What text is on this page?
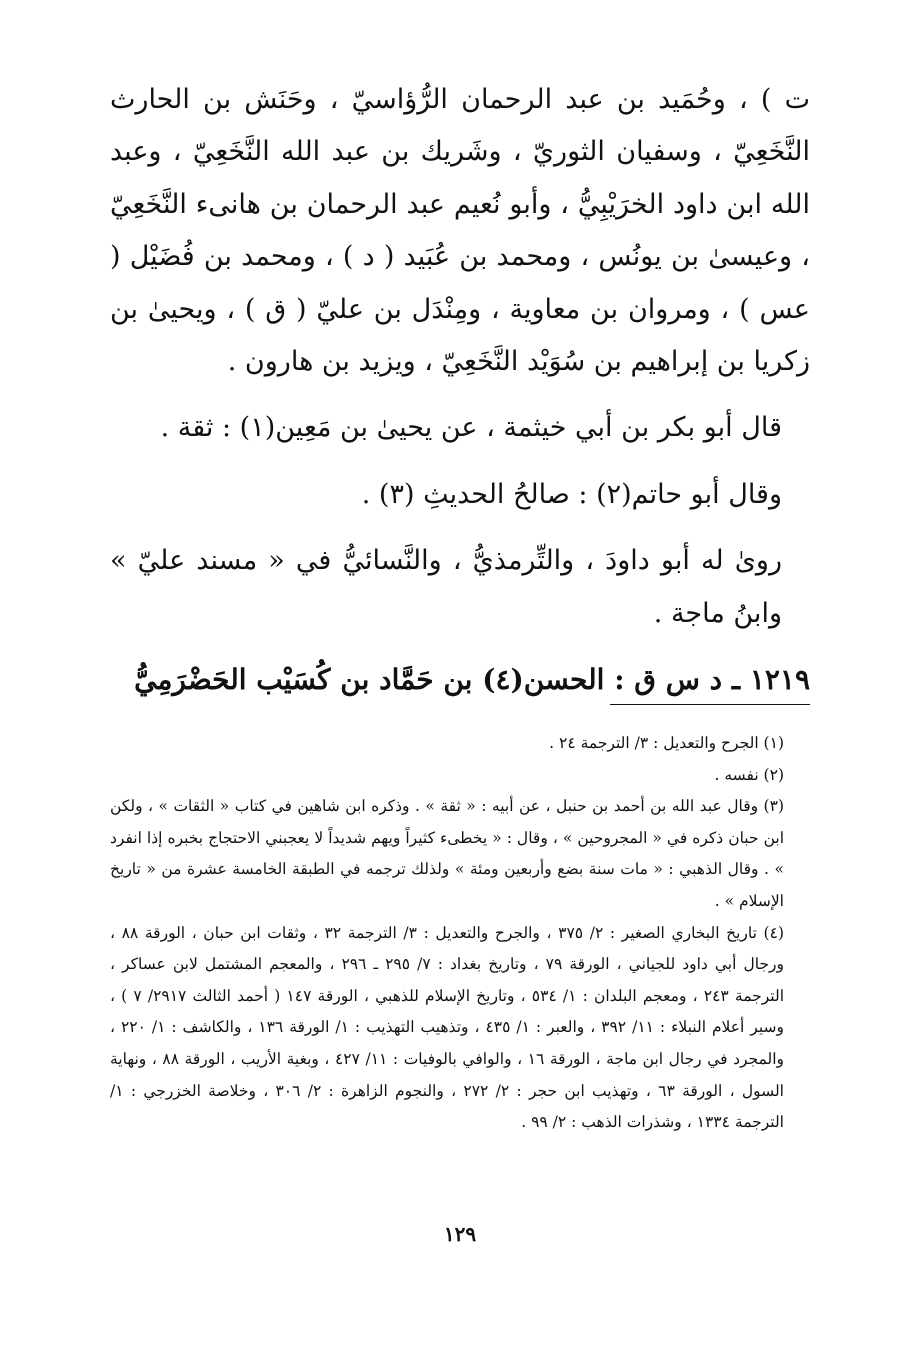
ت ) ، وحُمَيد بن عبد الرحمان الرُّؤاسيّ ، وحَنَش بن الحارث النَّخَعِيّ ، وسفيان الثوريّ ، وشَريك بن عبد الله النَّخَعِيّ ، وعبد الله ابن داود الخرَيْبِيُّ ، وأبو نُعيم عبد الرحمان بن هانىء النَّخَعِيّ ، وعيسىٰ بن يونُس ، ومحمد بن عُبَيد ( د ) ، ومحمد بن فُضَيْل ( عس ) ، ومروان بن معاوية ، ومِنْدَل بن عليّ ( ق ) ، ويحيىٰ بن زكريا بن إبراهيم بن سُوَيْد النَّخَعِيّ ، ويزيد بن هارون .

قال أبو بكر بن أبي خيثمة ، عن يحيىٰ بن مَعِين(١) : ثقة .

وقال أبو حاتم(٢) : صالحُ الحديثِ (٣) .

روىٰ له أبو داودَ ، والتِّرمذيُّ ، والنَّسائيُّ في « مسند عليّ » وابنُ ماجة .

١٢١٩ ـ د س ق : الحسن(٤) بن حَمَّاد بن كُسَيْب الحَضْرَمِيُّ

(١) الجرح والتعديل : ٣/ الترجمة ٢٤ .

(٢) نفسه .

(٣) وقال عبد الله بن أحمد بن حنبل ، عن أبيه : « ثقة » . وذكره ابن شاهين في كتاب « الثقات » ، ولكن ابن حبان ذكره في « المجروحين » ، وقال : « يخطىء كثيراً ويهم شديداً لا يعجبني الاحتجاج بخبره إذا انفرد » . وقال الذهبي : « مات سنة بضع وأربعين ومئة » ولذلك ترجمه في الطبقة الخامسة عشرة من « تاريخ الإسلام » .

(٤) تاريخ البخاري الصغير : ٢/ ٣٧٥ ، والجرح والتعديل : ٣/ الترجمة ٣٢ ، وثقات ابن حبان ، الورقة ٨٨ ، ورجال أبي داود للجياني ، الورقة ٧٩ ، وتاريخ بغداد : ٧/ ٢٩٥ ـ ٢٩٦ ، والمعجم المشتمل لابن عساكر ، الترجمة ٢٤٣ ، ومعجم البلدان : ١/ ٥٣٤ ، وتاريخ الإسلام للذهبي ، الورقة ١٤٧ ( أحمد الثالث ٢٩١٧/ ٧ ) ، وسير أعلام النبلاء : ١١/ ٣٩٢ ، والعبر : ١/ ٤٣٥ ، وتذهيب التهذيب : ١/ الورقة ١٣٦ ، والكاشف : ١/ ٢٢٠ ، والمجرد في رجال ابن ماجة ، الورقة ١٦ ، والوافي بالوفيات : ١١/ ٤٢٧ ، وبغية الأريب ، الورقة ٨٨ ، ونهاية السول ، الورقة ٦٣ ، وتهذيب ابن حجر : ٢/ ٢٧٢ ، والنجوم الزاهرة : ٢/ ٣٠٦ ، وخلاصة الخزرجي : ١/ الترجمة ١٣٣٤ ، وشذرات الذهب : ٢/ ٩٩ .

١٢٩
